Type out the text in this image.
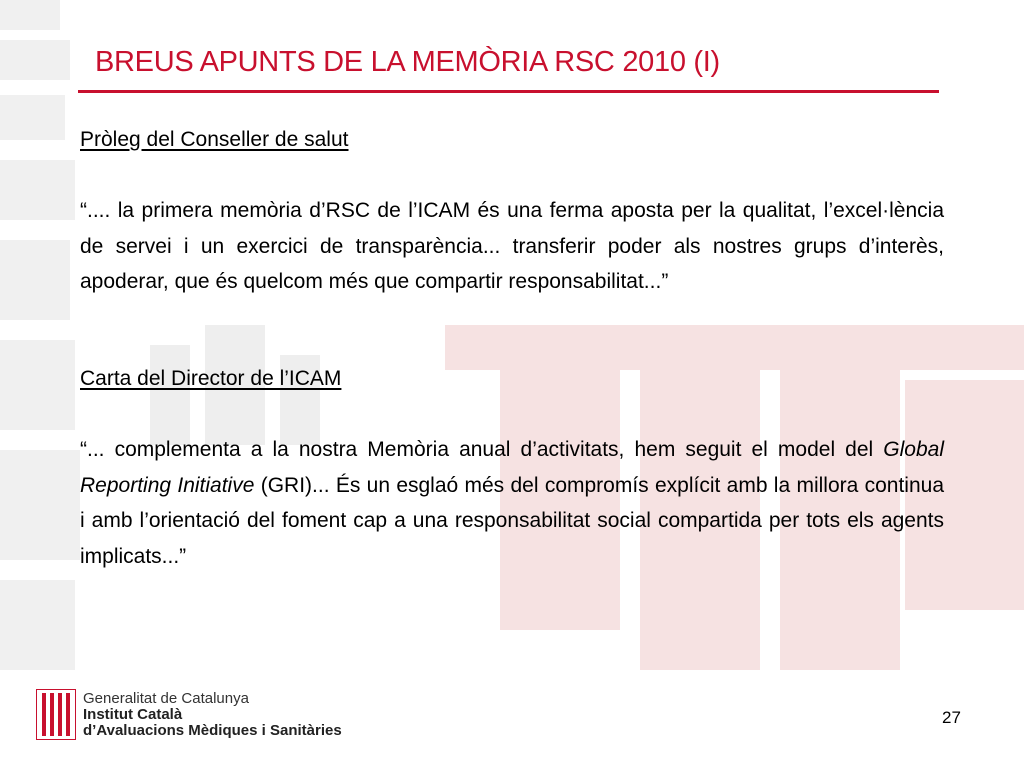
BREUS APUNTS DE LA MEMÒRIA RSC 2010 (I)

Pròleg del Conseller de salut

“.... la primera memòria d’RSC de l’ICAM és una ferma aposta per la qualitat, l’excel·lència de servei i un exercici de transparència... transferir poder als nostres grups d’interès, apoderar, que és quelcom més que compartir responsabilitat...”

Carta del Director de l’ICAM

“... complementa a la nostra Memòria anual d’activitats, hem seguit el model del Global Reporting Initiative (GRI)... És un esglaó més del compromís explícit amb la millora continua i amb l’orientació del foment cap a una responsabilitat social compartida per tots els agents implicats...”

Generalitat de Catalunya
Institut Català
d’Avaluacions Mèdiques i Sanitàries
27
